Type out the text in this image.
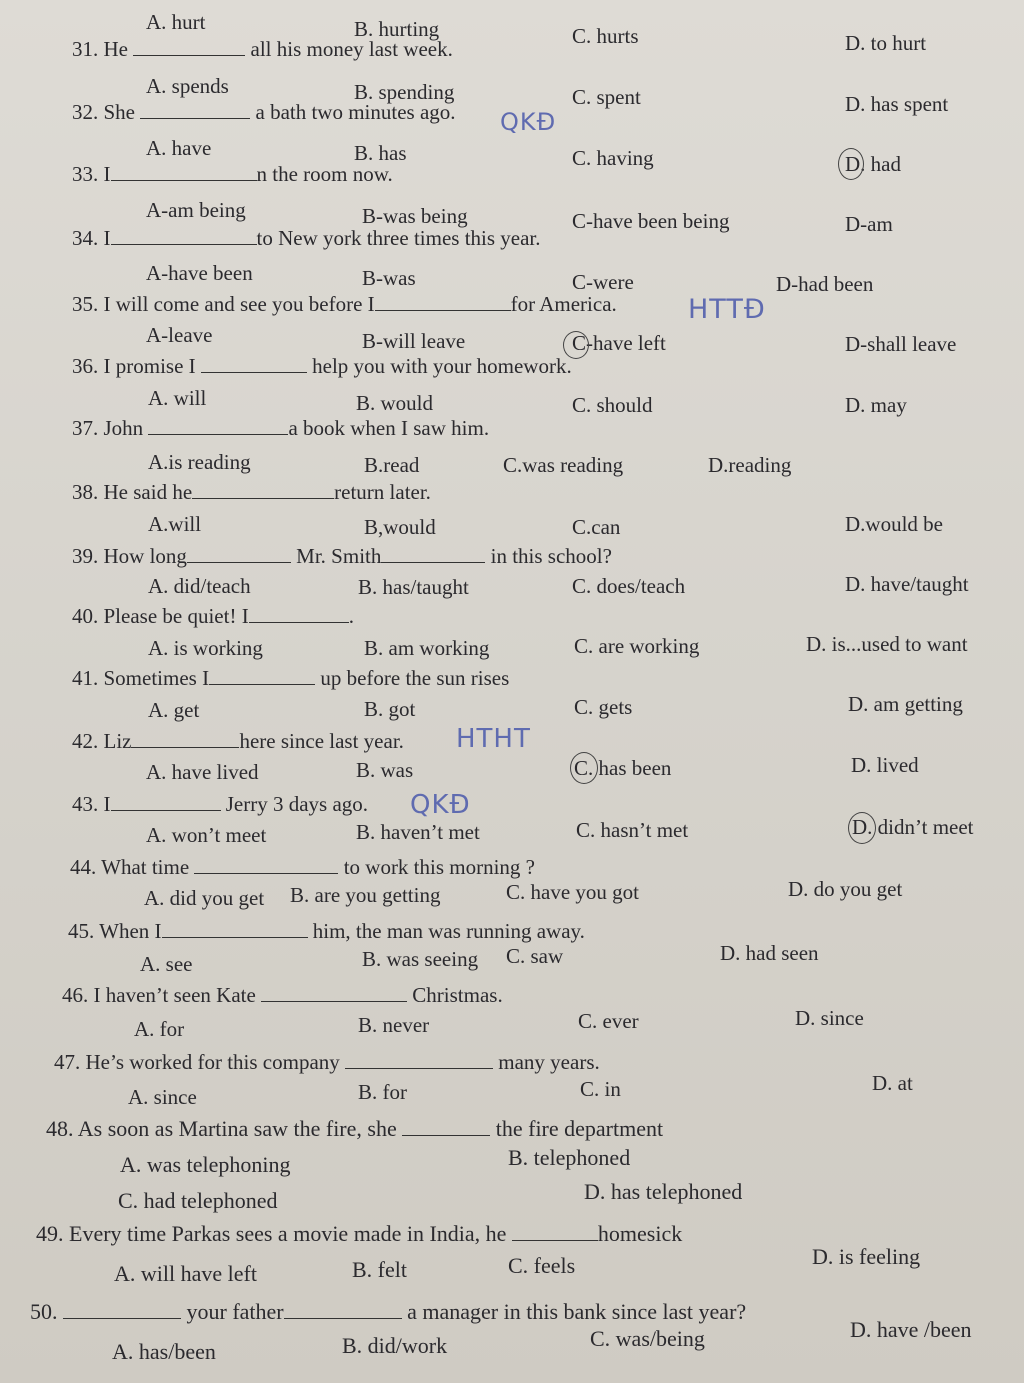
A. hurt	B. hurting	C. hurts	D. to hurt
31. He	all his money last week.
A. spends	B. spending	C. spent	D. has spent
32. She	a bath two minutes ago. QKĐ
A. have	B. has	C. having	D. had
33. I	n the room now.
A-am being	B-was being	C-have been being	D-am
34. I	to New york three times this year.
A-have been	B-was	C-were	D-had been
35. I will come and see you before I	for America.	HTTĐ
A-leave	B-will leave	C-have left	D-shall leave
36. I promise I	help you with your homework.
A. will	B. would	C. should	D. may
37. John	a book when I saw him.
A.is reading	B.read	C.was reading	D.reading
38. He said he	return later.
A.will	B,would	C.can	D.would be
39. How long	Mr. Smith	in this school?
A. did/teach	B. has/taught	C. does/teach	D. have/taught
40. Please be quiet! I	.
A. is working	B. am working	C. are working	D. is...used to want
41. Sometimes I	up before the sun rises
A. get	B. got	C. gets	D. am getting
42. Liz	here since last year. HTHT
A. have lived	B. was	C. has been	D. lived
43. I	Jerry 3 days ago. QKĐ
A. won’t meet	B. haven’t met	C. hasn’t met	D. didn’t meet
44. What time	to work this morning ?
A. did you get B. are you getting	C. have you got	D. do you get
45. When I	him, the man was running away.
A. see	B. was seeing C. saw	D. had seen
46. I haven’t seen Kate	Christmas.
A. for	B. never	C. ever	D. since
47. He’s worked for this company	many years.
A. since	B. for	C. in	D. at
48. As soon as Martina saw the fire, she	the fire department
A. was telephoning	B. telephoned
C. had telephoned	D. has telephoned
49. Every time Parkas sees a movie made in India, he	homesick
A. will have left	B. felt	C. feels	D. is feeling
50.	your father	a manager in this bank since last year?
A. has/been	B. did/work	C. was/being	D. have /been
